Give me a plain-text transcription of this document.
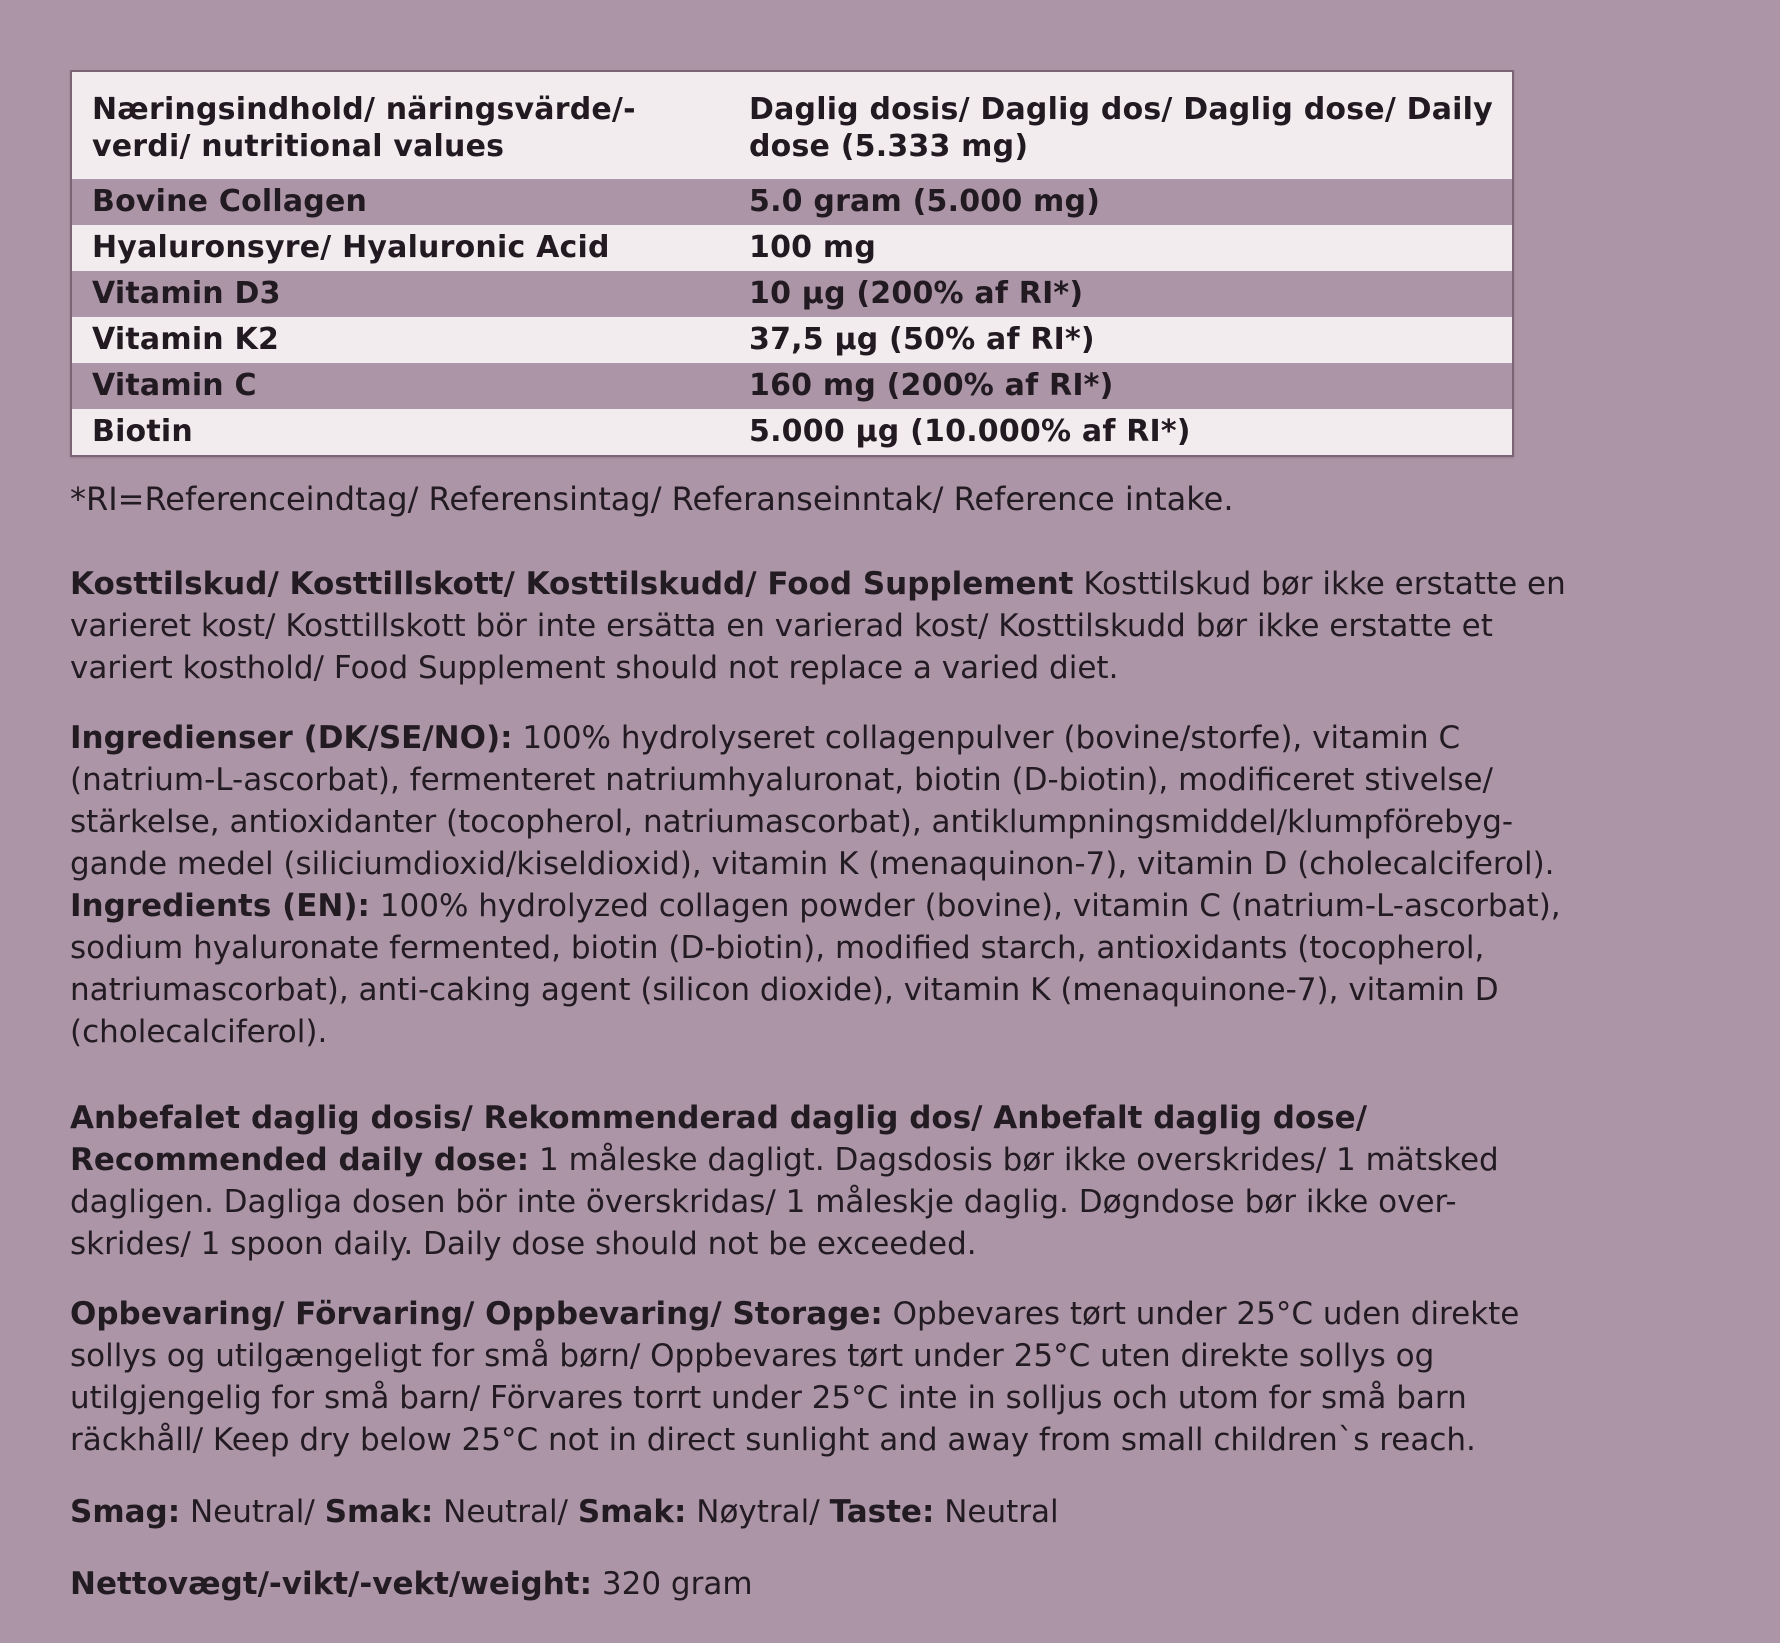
Næringsindhold/ näringsvärde/-verdi/ nutritional values	Daglig dosis/ Daglig dos/ Daglig dose/ Daily dose (5.333 mg)
Bovine Collagen	5.0 gram (5.000 mg)
Hyaluronsyre/ Hyaluronic Acid	100 mg
Vitamin D3	10 µg (200% af RI*)
Vitamin K2	37,5 µg (50% af RI*)
Vitamin C	160 mg (200% af RI*)
Biotin	5.000 µg (10.000% af RI*)

*RI=Referenceindtag/ Referensintag/ Referanseinntak/ Reference intake.

Kosttilskud/ Kosttillskott/ Kosttilskudd/ Food Supplement Kosttilskud bør ikke erstatte en varieret kost/ Kosttillskott bör inte ersätta en varierad kost/ Kosttilskudd bør ikke erstatte et variert kosthold/ Food Supplement should not replace a varied diet.

Ingredienser (DK/SE/NO): 100% hydrolyseret collagenpulver (bovine/storfe), vitamin C (natrium-L-ascorbat), fermenteret natriumhyaluronat, biotin (D-biotin), modificeret stivelse/ stärkelse, antioxidanter (tocopherol, natriumascorbat), antiklumpningsmiddel/klumpförebyg-gande medel (siliciumdioxid/kiseldioxid), vitamin K (menaquinon-7), vitamin D (cholecalciferol).
Ingredients (EN): 100% hydrolyzed collagen powder (bovine), vitamin C (natrium-L-ascorbat), sodium hyaluronate fermented, biotin (D-biotin), modified starch, antioxidants (tocopherol, natriumascorbat), anti-caking agent (silicon dioxide), vitamin K (menaquinone-7), vitamin D (cholecalciferol).

Anbefalet daglig dosis/ Rekommenderad daglig dos/ Anbefalt daglig dose/ Recommended daily dose: 1 måleske dagligt. Dagsdosis bør ikke overskrides/ 1 mätsked dagligen. Dagliga dosen bör inte överskridas/ 1 måleskje daglig. Døgndose bør ikke over-skrides/ 1 spoon daily. Daily dose should not be exceeded.

Opbevaring/ Förvaring/ Oppbevaring/ Storage: Opbevares tørt under 25°C uden direkte sollys og utilgængeligt for små børn/ Oppbevares tørt under 25°C uten direkte sollys og utilgjengelig for små barn/ Förvares torrt under 25°C inte in solljus och utom for små barn räckhåll/ Keep dry below 25°C not in direct sunlight and away from small children`s reach.

Smag: Neutral/ Smak: Neutral/ Smak: Nøytral/ Taste: Neutral

Nettovægt/-vikt/-vekt/weight: 320 gram
